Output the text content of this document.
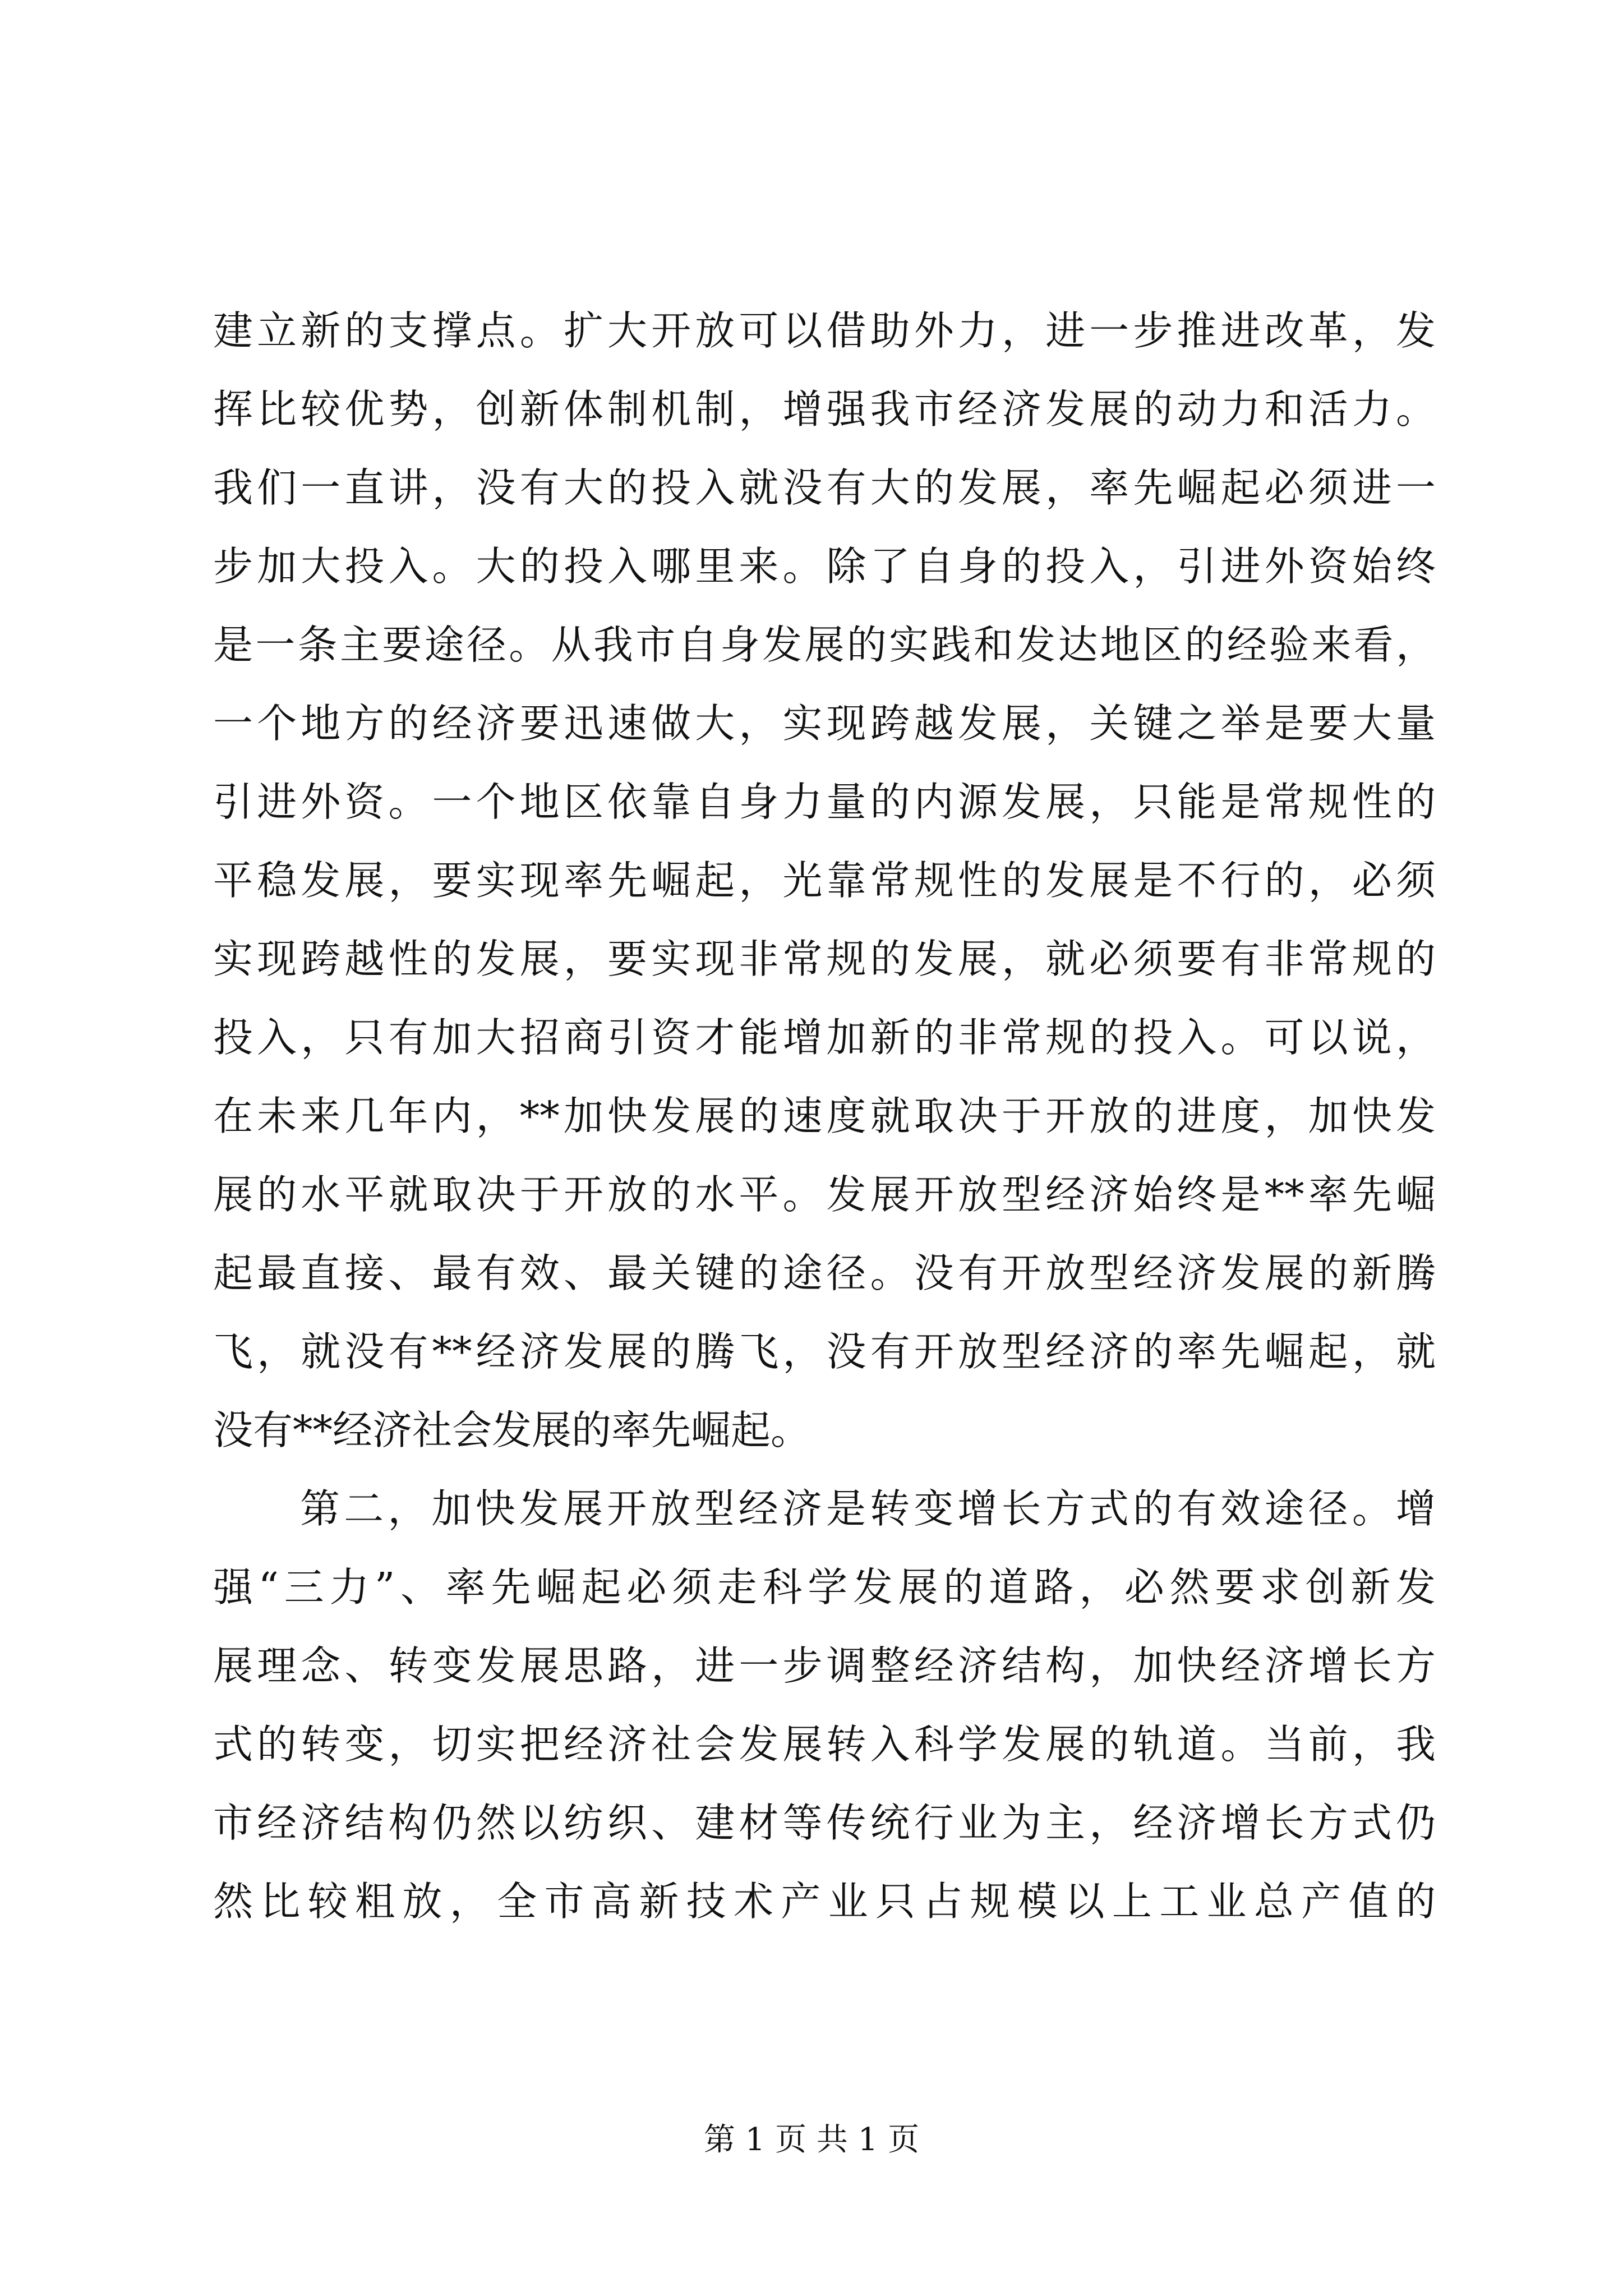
建立新的支撑点。扩大开放可以借助外力，进一步推进改革，发
挥比较优势，创新体制机制，增强我市经济发展的动力和活力。
我们一直讲，没有大的投入就没有大的发展，率先崛起必须进一
步加大投入。大的投入哪里来。除了自身的投入，引进外资始终
是一条主要途径。从我市自身发展的实践和发达地区的经验来看，
一个地方的经济要迅速做大，实现跨越发展，关键之举是要大量
引进外资。一个地区依靠自身力量的内源发展，只能是常规性的
平稳发展，要实现率先崛起，光靠常规性的发展是不行的，必须
实现跨越性的发展，要实现非常规的发展，就必须要有非常规的
投入，只有加大招商引资才能增加新的非常规的投入。可以说，
在未来几年内，**加快发展的速度就取决于开放的进度，加快发
展的水平就取决于开放的水平。发展开放型经济始终是**率先崛
起最直接、最有效、最关键的途径。没有开放型经济发展的新腾
飞，就没有**经济发展的腾飞，没有开放型经济的率先崛起，就
没有**经济社会发展的率先崛起。
第二，加快发展开放型经济是转变增长方式的有效途径。增
强“三力”、率先崛起必须走科学发展的道路，必然要求创新发
展理念、转变发展思路，进一步调整经济结构，加快经济增长方
式的转变，切实把经济社会发展转入科学发展的轨道。当前，我
市经济结构仍然以纺织、建材等传统行业为主，经济增长方式仍
然比较粗放，全市高新技术产业只占规模以上工业总产值的
第 1 页 共 1 页
